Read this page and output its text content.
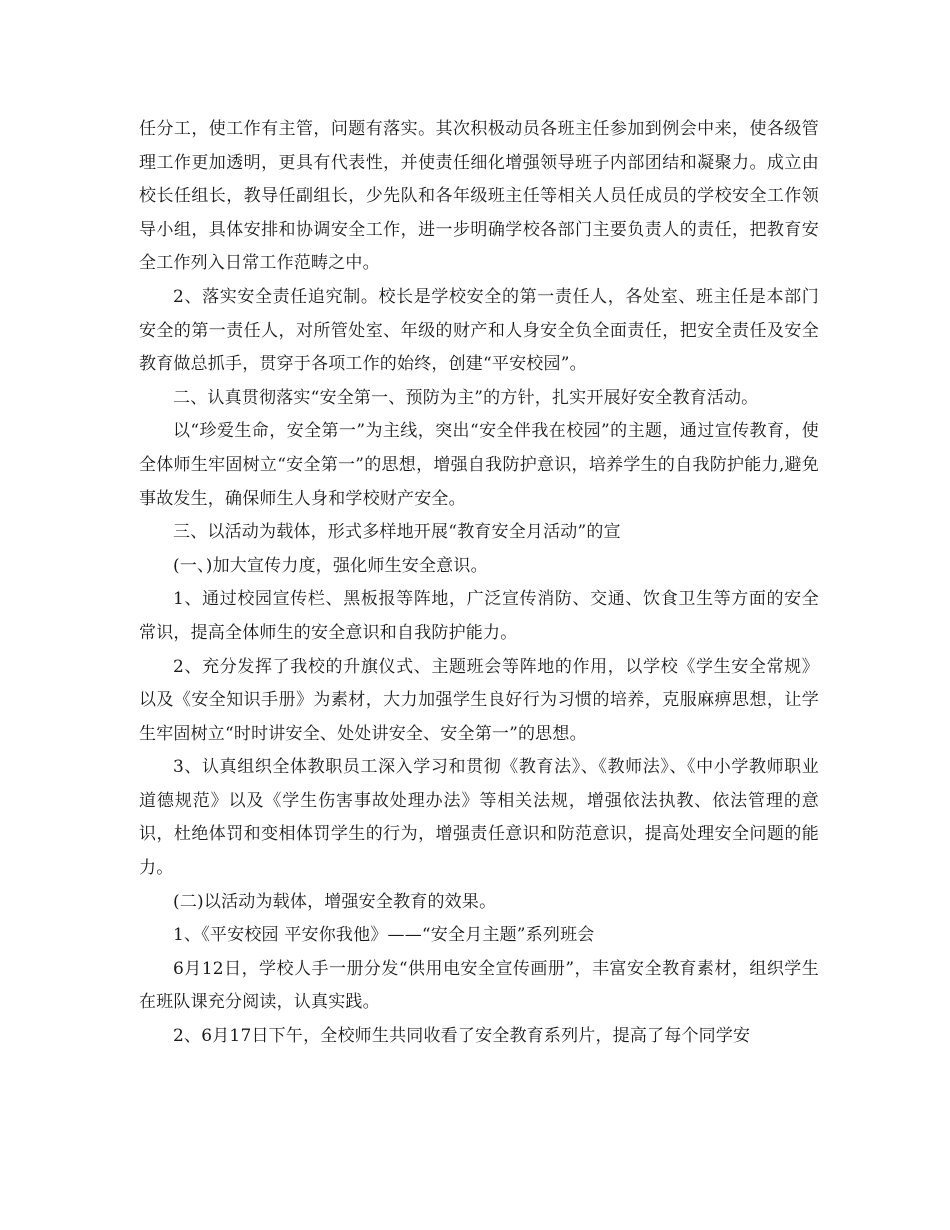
任分工，使工作有主管，问题有落实。其次积极动员各班主任参加到例会中来，使各级管理工作更加透明，更具有代表性，并使责任细化增强领导班子内部团结和凝聚力。成立由校长任组长，教导任副组长，少先队和各年级班主任等相关人员任成员的学校安全工作领导小组，具体安排和协调安全工作，进一步明确学校各部门主要负责人的责任，把教育安全工作列入日常工作范畴之中。

2、落实安全责任追究制。校长是学校安全的第一责任人，各处室、班主任是本部门安全的第一责任人，对所管处室、年级的财产和人身安全负全面责任，把安全责任及安全教育做总抓手，贯穿于各项工作的始终，创建“平安校园”。

二、认真贯彻落实“安全第一、预防为主”的方针，扎实开展好安全教育活动。

以“珍爱生命，安全第一”为主线，突出“安全伴我在校园”的主题，通过宣传教育，使全体师生牢固树立“安全第一”的思想，增强自我防护意识，培养学生的自我防护能力,避免事故发生，确保师生人身和学校财产安全。

三、以活动为载体，形式多样地开展“教育安全月活动”的宣

(一、)加大宣传力度，强化师生安全意识。

1、通过校园宣传栏、黑板报等阵地，广泛宣传消防、交通、饮食卫生等方面的安全常识，提高全体师生的安全意识和自我防护能力。

2、充分发挥了我校的升旗仪式、主题班会等阵地的作用，以学校《学生安全常规》以及《安全知识手册》为素材，大力加强学生良好行为习惯的培养，克服麻痹思想，让学生牢固树立“时时讲安全、处处讲安全、安全第一”的思想。

3、认真组织全体教职员工深入学习和贯彻《教育法》、《教师法》、《中小学教师职业道德规范》以及《学生伤害事故处理办法》等相关法规，增强依法执教、依法管理的意识，杜绝体罚和变相体罚学生的行为，增强责任意识和防范意识，提高处理安全问题的能力。

(二)以活动为载体，增强安全教育的效果。

1、《平安校园 平安你我他》——“安全月主题”系列班会

6月12日，学校人手一册分发“供用电安全宣传画册”，丰富安全教育素材，组织学生在班队课充分阅读，认真实践。

2、6月17日下午，全校师生共同收看了安全教育系列片，提高了每个同学安
